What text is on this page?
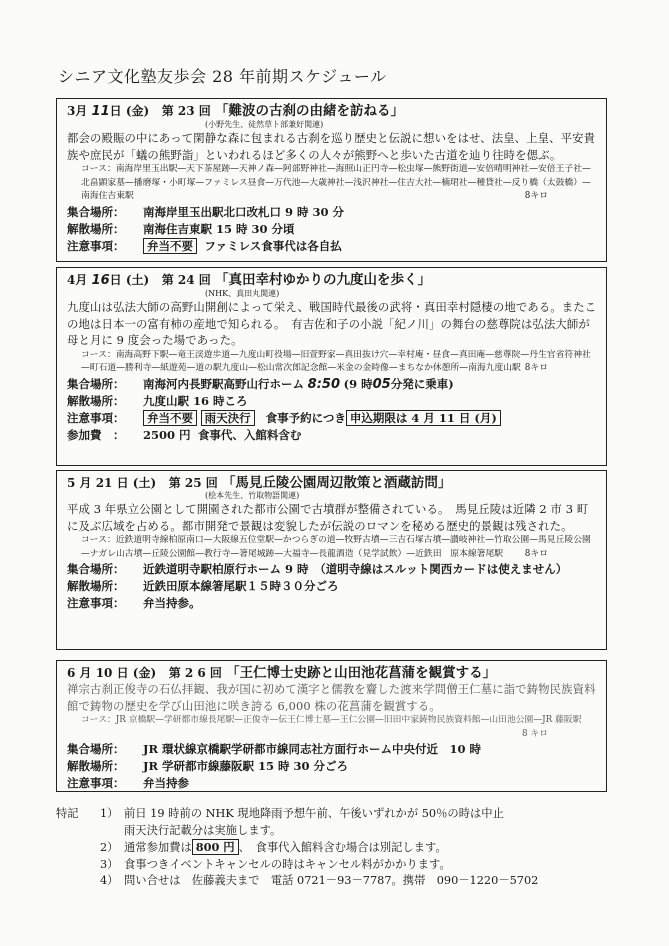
シニア文化塾友歩会 28 年前期スケジュール
3月 11日 (金) 第 23 回 「難波の古刹の由緒を訪ねる」
(小野先生、徒然草ト部兼好関連)
都会の殿賑の中にあって閑静な森に包まれる古刹を巡り歴史と伝説に想いをはせ、法皇、上皇、平安貴族や庶民が「蟻の熊野詣」といわれるほど多くの人々が熊野へと歩いた古道を辿り往時を偲ぶ。
コース：南海岸里玉出駅—天下茶屋跡—天神ノ森—阿部野神社—海照山正円寺—松虫塚—熊野街道—安倍晴明神社—安倍王子社—北畠顕家墓—播磨塚・小町塚—ファミレス昼食—万代池—大歳神社—浅沢神社—住吉大社—楠珺社—種貸社—反り橋（太鼓橋）—南海住吉東駅	8キロ
集合場所： 南海岸里玉出駅北口改札口 9 時 30 分
解散場所： 南海住吉東駅 15 時 30 分頃
注意事項： 弁当不要 ファミレス食事代は各自払
4月 16日 (土) 第 24 回 「真田幸村ゆかりの九度山を歩く」
(NHK、真田丸関連)
九度山は弘法大師の高野山開創によって栄え、戦国時代最後の武将・真田幸村隠棲の地である。またこの地は日本一の富有柿の産地で知られる。　有吉佐和子の小説「紀ノ川」の舞台の慈尊院は弘法大師が母と月に 9 度会った場であった。
コース：南海高野下駅—竜王渓遊歩道—九度山町役場—旧萱野家—真田抜け穴—幸村庵・昼食—真田庵—慈尊院—丹生官省符神社—町石道—勝利寺—紙遊苑—道の駅九度山—松山常次郎記念館—米金の金時像—まちなか休憩所—南海九度山駅 8キロ
集合場所： 南海河内長野駅高野山行ホーム 8:50 (9 時05分発に乗車)
解散場所： 九度山駅 16 時ころ
注意事項： 弁当不要 雨天決行 食事予約につき 申込期限は 4 月 11 日 (月)
参加費　： 2500 円 食事代、入館料含む
5 月 21 日 (土) 第 25 回 「馬見丘陵公園周辺散策と酒蔵訪問」
(桧本先生、竹取物語関連)
平成 3 年県立公園として開園された都市公園で古墳群が整備されている。　馬見丘陵は近隣 2 市 3 町に及ぶ広域を占める。都市開発で景観は変貌したが伝説のロマンを秘める歴史的景観は残された。
コース：近鉄道明寺線柏原南口—大阪線五位堂駅—かつらぎの道—牧野古墳—三吉石塚古墳—讃岐神社—竹取公園—馬見丘陵公園—ナガレ山古墳—丘陵公園館—教行寺—箸尾城跡—大福寺—長龍酒造（見学試飲）—近鉄田　原本線箸尾駅 8キロ
集合場所： 近鉄道明寺駅柏原行ホーム 9 時　（道明寺線はスルット関西カードは使えません）
解散場所： 近鉄田原本線箸尾駅１５時３０分ごろ
注意事項： 弁当持参。
6 月 10 日 (金) 第 2 6 回 「王仁博士史跡と山田池花菖蒲を観賞する」
禅宗古刹正俊寺の石仏拝観、我が国に初めて漢字と儒教を齎した渡来学問僧王仁墓に詣で鋳物民族資料館で鋳物の歴史を学び山田池に咲き誇る 6,000 株の花菖蒲を観賞する。
コース：JR 京橋駅—学研都市線長尾駅—正俊寺—伝王仁博士墓—王仁公園—旧田中家鋳物民族資料館—山田池公園—JR 藤阪駅
8 キロ
集合場所： JR 環状線京橋駅学研都市線同志社方面行ホーム中央付近　10 時
解散場所： JR 学研都市線藤阪駅 15 時 30 分ごろ
注意事項： 弁当持参
特記	1） 前日 19 時前の NHK 現地降雨予想午前、午後いずれかが 50％の時は中止
雨天決行記載分は実施します。
2） 通常参加費は 800 円 、　食事代入館料含む場合は別記します。
3） 食事つきイベントキャンセルの時はキャンセル料がかかります。
4） 問い合せは　佐藤義夫まで　電話 0721－93－7787。携帯　090－1220－5702
